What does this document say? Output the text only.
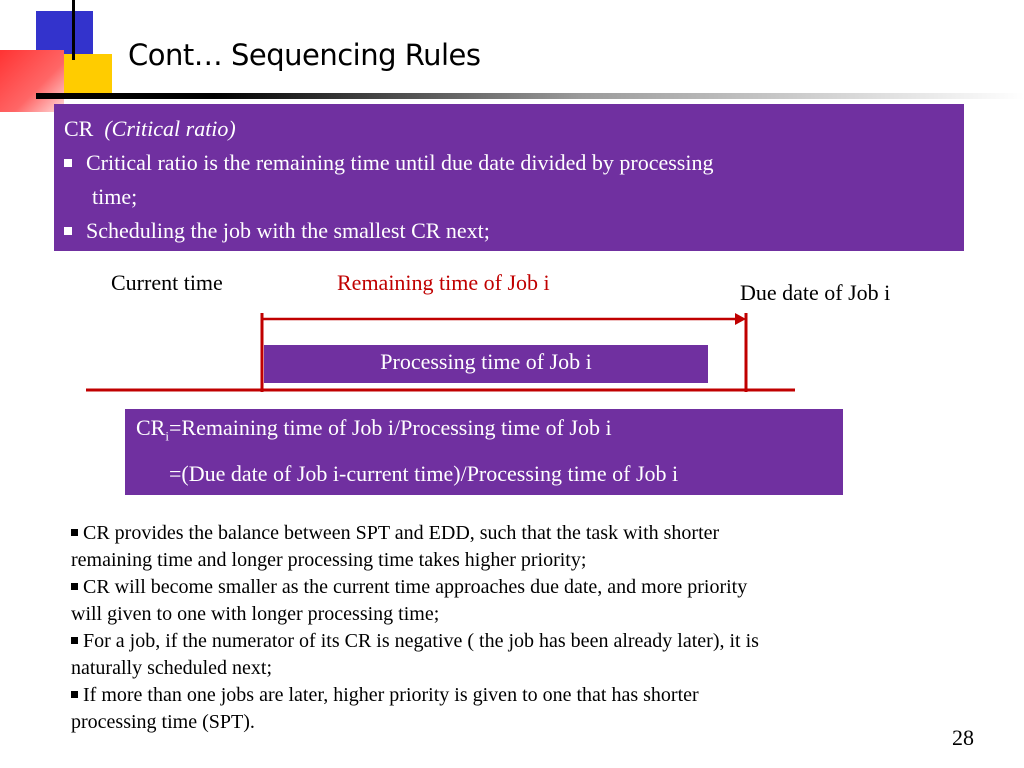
Cont… Sequencing Rules
CR (Critical ratio)
Critical ratio is the remaining time until due date divided by processing
time;
Scheduling the job with the smallest CR next;
Current time	Remaining time of Job i	Due date of Job i
Processing time of Job i
$CR_i=Remaining$ time of Job i/Processing time of Job i
=(Due date of Job i-current time)/Processing time of Job i
CR provides the balance between SPT and EDD, such that the task with shorter
remaining time and longer processing time takes higher priority;
CR will become smaller as the current time approaches due date, and more priority
will given to one with longer processing time;
For a job, if the numerator of its CR is negative ( the job has been already later), it is
naturally scheduled next;
If more than one jobs are later, higher priority is given to one that has shorter
processing time (SPT).
28
